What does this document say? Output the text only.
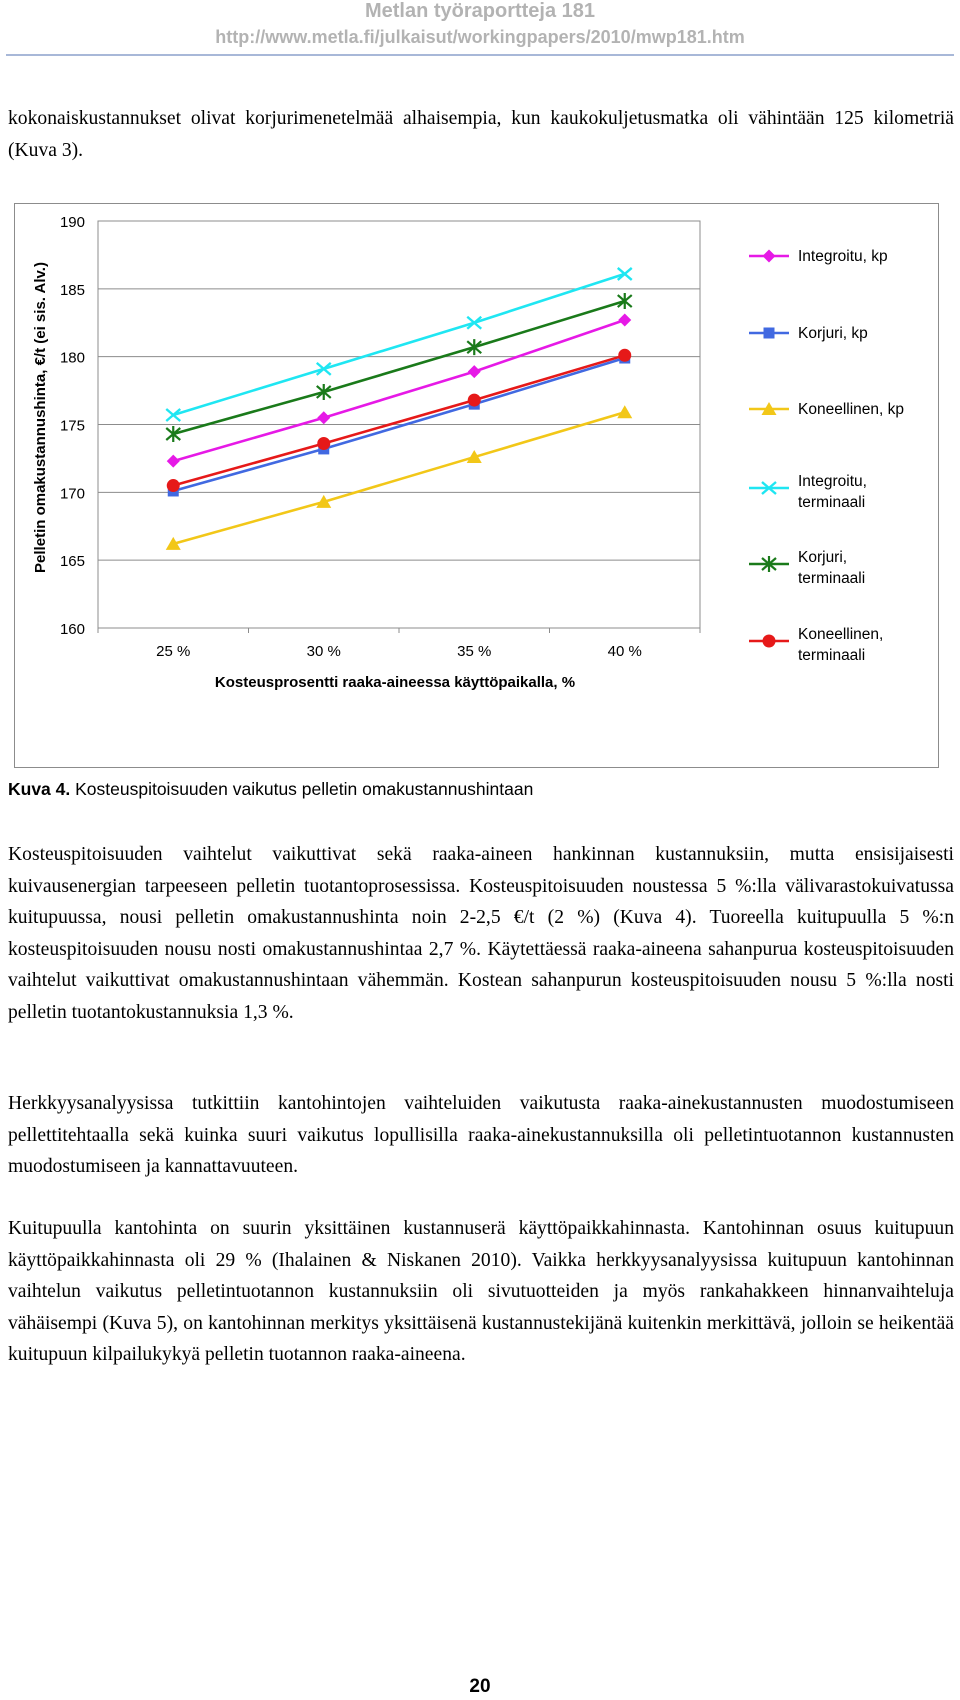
Metlan työraportteja 181
http://www.metla.fi/julkaisut/workingpapers/2010/mwp181.htm
kokonaiskustannukset olivat korjurimenetelmää alhaisempia, kun kaukokuljetusmatka oli vähintään 125 kilometriä (Kuva 3).
160
165
170
175
180
185
190
25 %	30 %	35 %	40 %
Kosteusprosentti raaka-aineessa käyttöpaikalla, %
Pelletin omakustannushinta, €/t (ei sis. Alv.)
Integroitu, kp
Korjuri, kp
Koneellinen, kp
Integroitu, terminaali
Korjuri, terminaali
Koneellinen, terminaali
Kuva 4. Kosteuspitoisuuden vaikutus pelletin omakustannushintaan
Kosteuspitoisuuden vaihtelut vaikuttivat sekä raaka-aineen hankinnan kustannuksiin, mutta ensisijaisesti kuivausenergian tarpeeseen pelletin tuotantoprosessissa. Kosteuspitoisuuden noustessa 5 %:lla välivarastokuivatussa kuitupuussa, nousi pelletin omakustannushinta noin 2-2,5 €/t (2 %) (Kuva 4). Tuoreella kuitupuulla 5 %:n kosteuspitoisuuden nousu nosti omakustannushintaa 2,7 %. Käytettäessä raaka-aineena sahanpurua kosteuspitoisuuden vaihtelut vaikuttivat omakustannushintaan vähemmän. Kostean sahanpurun kosteuspitoisuuden nousu 5 %:lla nosti pelletin tuotantokustannuksia 1,3 %.
Herkkyysanalyysissa tutkittiin kantohintojen vaihteluiden vaikutusta raaka-ainekustannusten muodostumiseen pellettitehtaalla sekä kuinka suuri vaikutus lopullisilla raaka-ainekustannuksilla oli pelletintuotannon kustannusten muodostumiseen ja kannattavuuteen.
Kuitupuulla kantohinta on suurin yksittäinen kustannuserä käyttöpaikkahinnasta. Kantohinnan osuus kuitupuun käyttöpaikkahinnasta oli 29 % (Ihalainen & Niskanen 2010). Vaikka herkkyysanalyysissa kuitupuun kantohinnan vaihtelun vaikutus pelletintuotannon kustannuksiin oli sivutuotteiden ja myös rankahakkeen hinnanvaihteluja vähäisempi (Kuva 5), on kantohinnan merkitys yksittäisenä kustannustekijänä kuitenkin merkittävä, jolloin se heikentää kuitupuun kilpailukykyä pelletin tuotannon raaka-aineena.
20
